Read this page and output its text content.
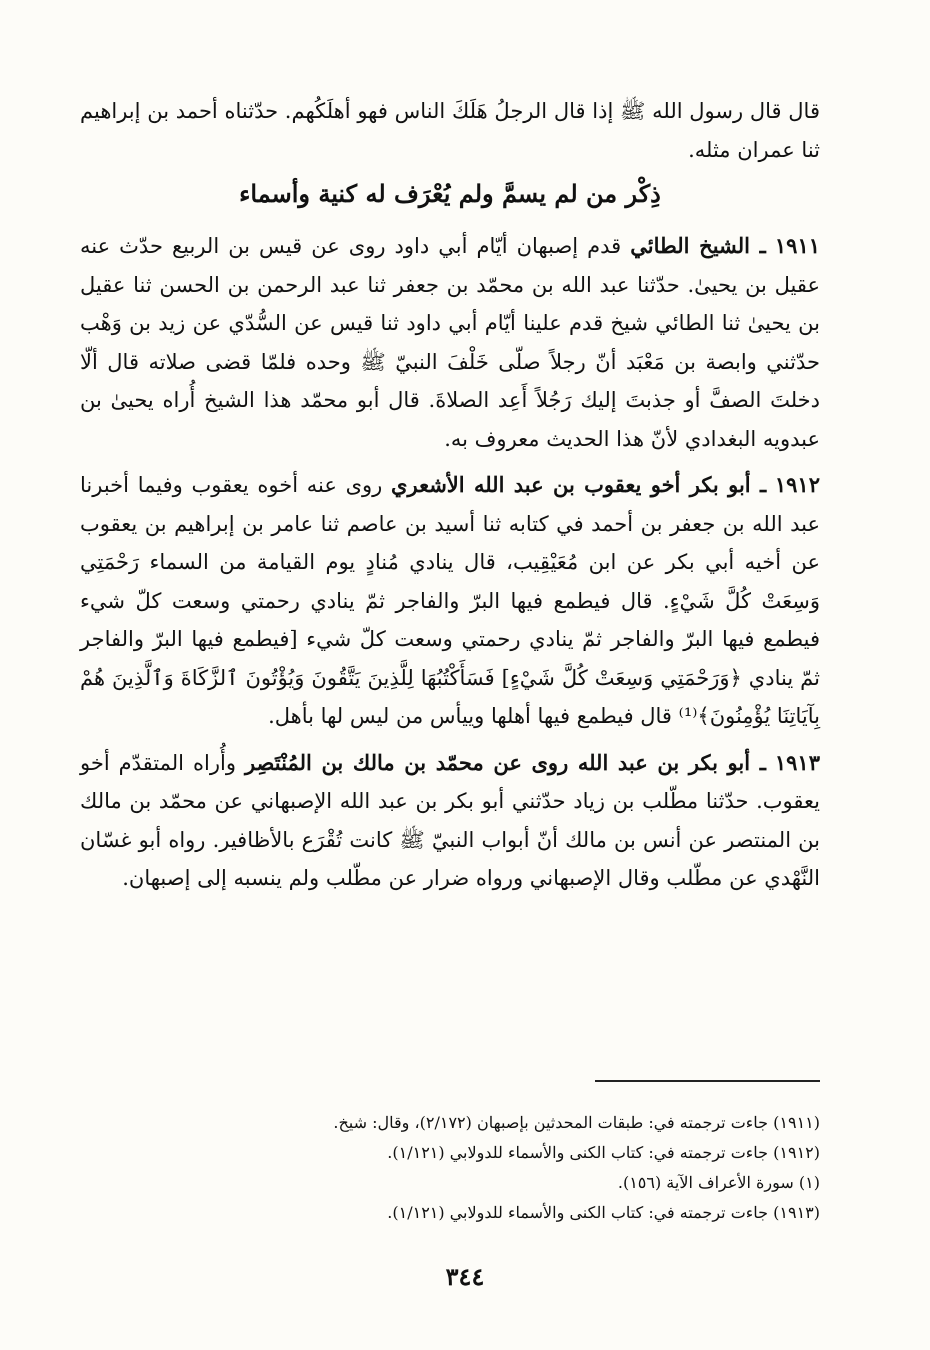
قال قال رسول الله ﷺ إذا قال الرجلُ هَلَكَ الناس فهو أهلَكُهم. حدّثناه أحمد بن إبراهيم ثنا عمران مثله.

ذِكْر من لم يسمَّ ولم يُعْرَف له كنية وأسماء

١٩١١ ـ الشيخ الطائي قدم إصبهان أيّام أبي داود روى عن قيس بن الربيع حدّث عنه عقيل بن يحيىٰ. حدّثنا عبد الله بن محمّد بن جعفر ثنا عبد الرحمن بن الحسن ثنا عقيل بن يحيىٰ ثنا الطائي شيخ قدم علينا أيّام أبي داود ثنا قيس عن السُّدّي عن زيد بن وَهْب حدّثني وابصة بن مَعْبَد أنّ رجلاً صلّى خَلْفَ النبيّ ﷺ وحده فلمّا قضى صلاته قال ألّا دخلتَ الصفَّ أو جذبتَ إليك رَجُلاً أَعِد الصلاةَ. قال أبو محمّد هذا الشيخ أُراه يحيىٰ بن عبدويه البغدادي لأنّ هذا الحديث معروف به.

١٩١٢ ـ أبو بكر أخو يعقوب بن عبد الله الأشعري روى عنه أخوه يعقوب وفيما أخبرنا عبد الله بن جعفر بن أحمد في كتابه ثنا أسيد بن عاصم ثنا عامر بن إبراهيم بن يعقوب عن أخيه أبي بكر عن ابن مُعَيْقِيب، قال ينادي مُنادٍ يوم القيامة من السماء رَحْمَتِي وَسِعَتْ كُلَّ شَيْءٍ. قال فيطمع فيها البرّ والفاجر ثمّ ينادي رحمتي وسعت كلّ شيء فيطمع فيها البرّ والفاجر ثمّ ينادي رحمتي وسعت كلّ شيء [فيطمع فيها البرّ والفاجر ثمّ ينادي ﴿وَرَحْمَتِي وَسِعَتْ كُلَّ شَيْءٍ] فَسَأَكْتُبُهَا لِلَّذِينَ يَتَّقُونَ وَيُؤْتُونَ ٱلزَّكَاةَ وَٱلَّذِينَ هُمْ بِآيَاتِنَا يُؤْمِنُونَ﴾⁽¹⁾ قال فيطمع فيها أهلها وييأس من ليس لها بأهل.

١٩١٣ ـ أبو بكر بن عبد الله روى عن محمّد بن مالك بن المُنْتَصِر وأُراه المتقدّم أخو يعقوب. حدّثنا مطّلب بن زياد حدّثني أبو بكر بن عبد الله الإصبهاني عن محمّد بن مالك بن المنتصر عن أنس بن مالك أنّ أبواب النبيّ ﷺ كانت تُقْرَع بالأظافير. رواه أبو غسّان النَّهْدي عن مطّلب وقال الإصبهاني ورواه ضرار عن مطّلب ولم ينسبه إلى إصبهان.

(١٩١١) جاءت ترجمته في: طبقات المحدثين بإصبهان (٢/١٧٢)، وقال: شيخ.
(١٩١٢) جاءت ترجمته في: كتاب الكنى والأسماء للدولابي (١/١٢١).
(١) سورة الأعراف الآية (١٥٦).
(١٩١٣) جاءت ترجمته في: كتاب الكنى والأسماء للدولابي (١/١٢١).
٣٤٤
